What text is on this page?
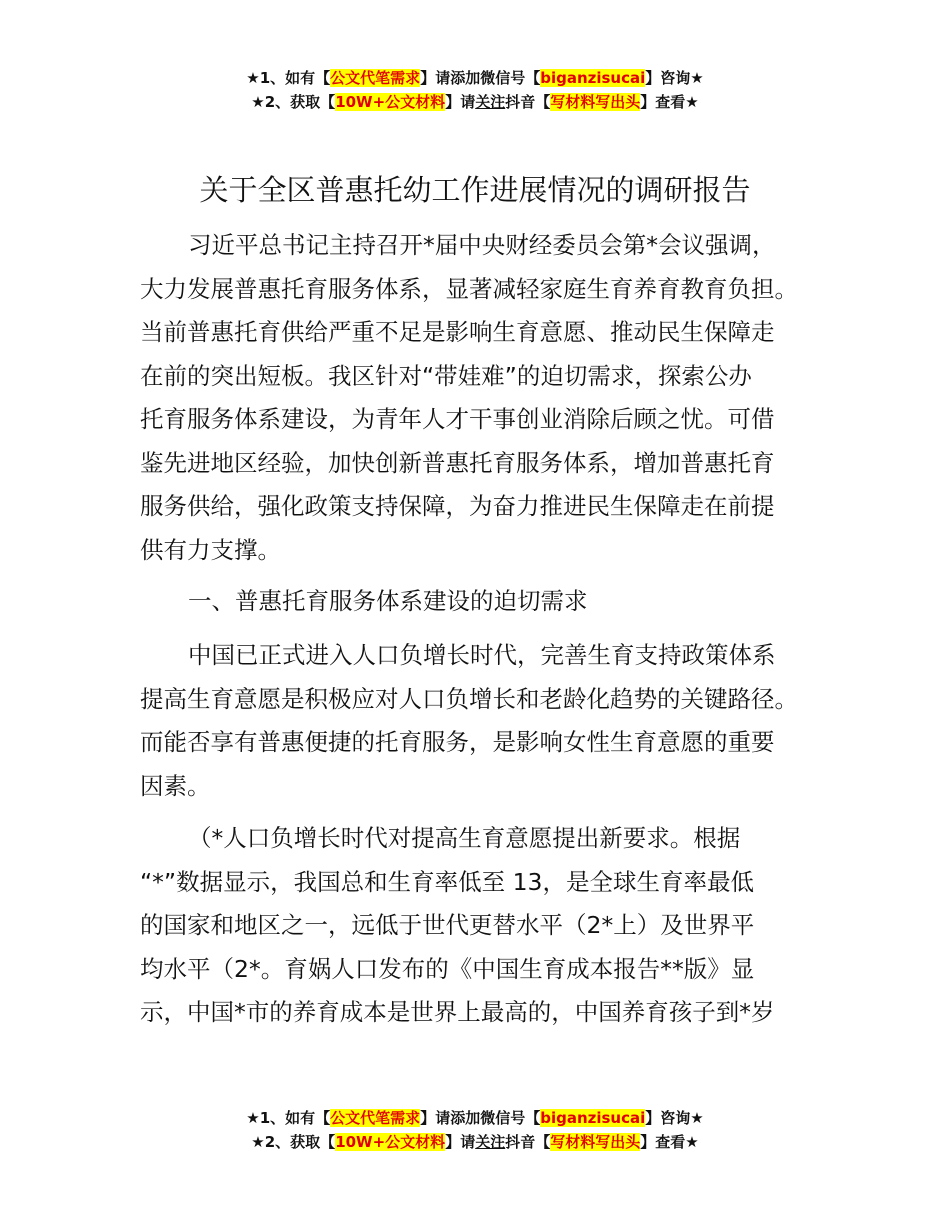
★1、如有【公文代笔需求】请添加微信号【biganzisucai】咨询★
★2、获取【10W+公文材料】请关注抖音【写材料写出头】查看★
关于全区普惠托幼工作进展情况的调研报告
习近平总书记主持召开*届中央财经委员会第*会议强调，
大力发展普惠托育服务体系，显著减轻家庭生育养育教育负担。
当前普惠托育供给严重不足是影响生育意愿、推动民生保障走
在前的突出短板。我区针对“带娃难”的迫切需求，探索公办
托育服务体系建设，为青年人才干事创业消除后顾之忧。可借
鉴先进地区经验，加快创新普惠托育服务体系，增加普惠托育
服务供给，强化政策支持保障，为奋力推进民生保障走在前提
供有力支撑。
一、普惠托育服务体系建设的迫切需求
中国已正式进入人口负增长时代，完善生育支持政策体系
提高生育意愿是积极应对人口负增长和老龄化趋势的关键路径。
而能否享有普惠便捷的托育服务，是影响女性生育意愿的重要
因素。
（*人口负增长时代对提高生育意愿提出新要求。根据
“*”数据显示，我国总和生育率低至 13，是全球生育率最低
的国家和地区之一，远低于世代更替水平（2*上）及世界平
均水平（2*。育娲人口发布的《中国生育成本报告**版》显
示，中国*市的养育成本是世界上最高的，中国养育孩子到*岁
★1、如有【公文代笔需求】请添加微信号【biganzisucai】咨询★
★2、获取【10W+公文材料】请关注抖音【写材料写出头】查看★
